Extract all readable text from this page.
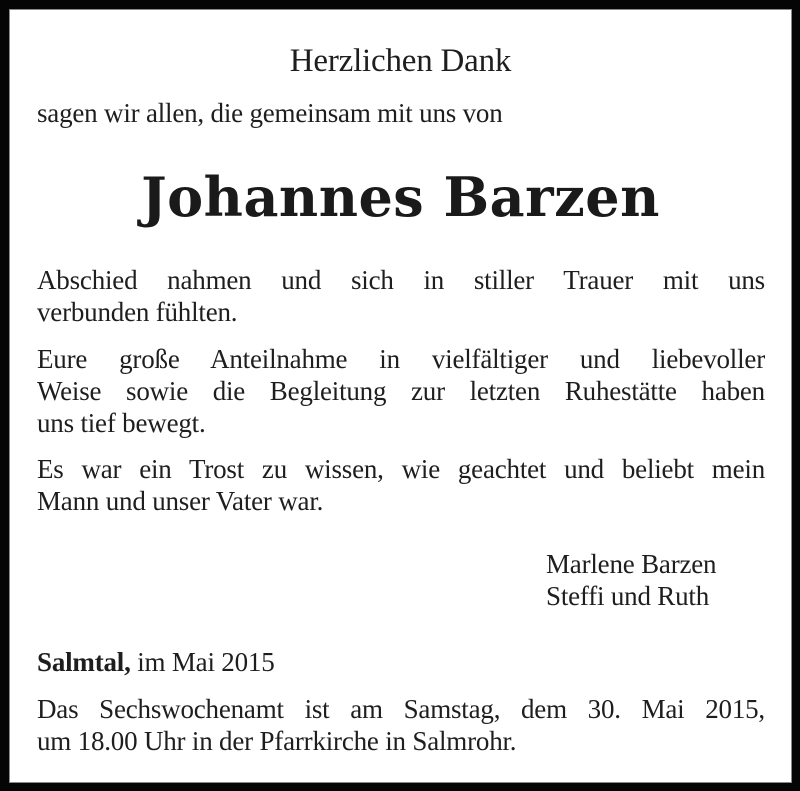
Herzlichen Dank
sagen wir allen, die gemeinsam mit uns von
Johannes Barzen
Abschied nahmen und sich in stiller Trauer mit uns
verbunden fühlten.
Eure große Anteilnahme in vielfältiger und liebevoller
Weise sowie die Begleitung zur letzten Ruhestätte haben
uns tief bewegt.
Es war ein Trost zu wissen, wie geachtet und beliebt mein
Mann und unser Vater war.
Marlene Barzen
Steffi und Ruth
Salmtal, im Mai 2015
Das Sechswochenamt ist am Samstag, dem 30. Mai 2015,
um 18.00 Uhr in der Pfarrkirche in Salmrohr.
